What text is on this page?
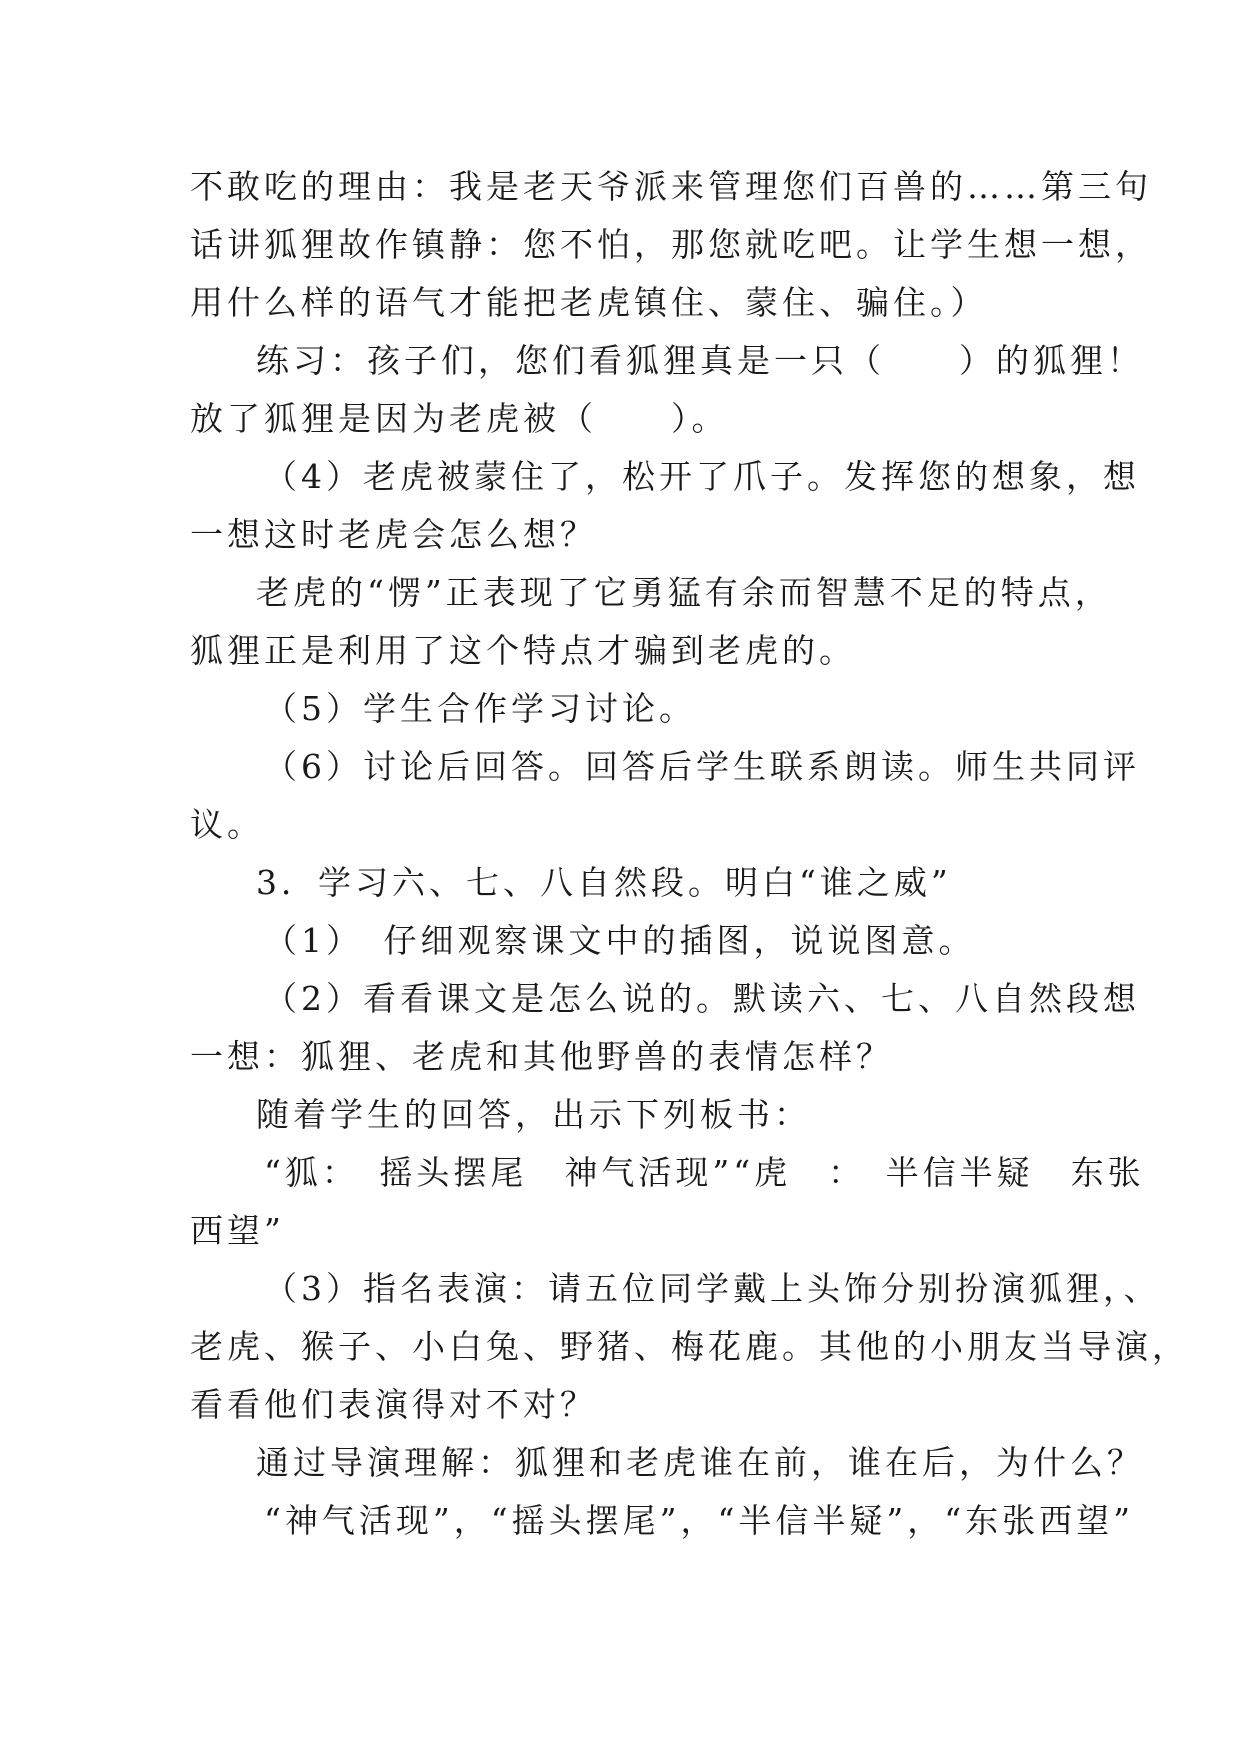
不敢吃的理由：我是老天爷派来管理您们百兽的……第三句
话讲狐狸故作镇静：您不怕，那您就吃吧。让学生想一想，
用什么样的语气才能把老虎镇住、蒙住、骗住。）
练习：孩子们，您们看狐狸真是一只（　　）的狐狸！
放了狐狸是因为老虎被（　　）。
（4）老虎被蒙住了，松开了爪子。发挥您的想象，想
一想这时老虎会怎么想？
老虎的“愣”正表现了它勇猛有余而智慧不足的特点，
狐狸正是利用了这个特点才骗到老虎的。
（5）学生合作学习讨论。
（6）讨论后回答。回答后学生联系朗读。师生共同评
议。
3．学习六、七、八自然段。明白“谁之威”
（1）　仔细观察课文中的插图，说说图意。
（2）看看课文是怎么说的。默读六、七、八自然段想
一想：狐狸、老虎和其他野兽的表情怎样？
随着学生的回答，出示下列板书：
“狐：　摇头摆尾　神气活现”“虎　：　半信半疑　东张
西望”
（3）指名表演：请五位同学戴上头饰分别扮演狐狸，、
老虎、猴子、小白兔、野猪、梅花鹿。其他的小朋友当导演，
看看他们表演得对不对？
通过导演理解：狐狸和老虎谁在前，谁在后，为什么？
“神气活现”，“摇头摆尾”，“半信半疑”，“东张西望”
